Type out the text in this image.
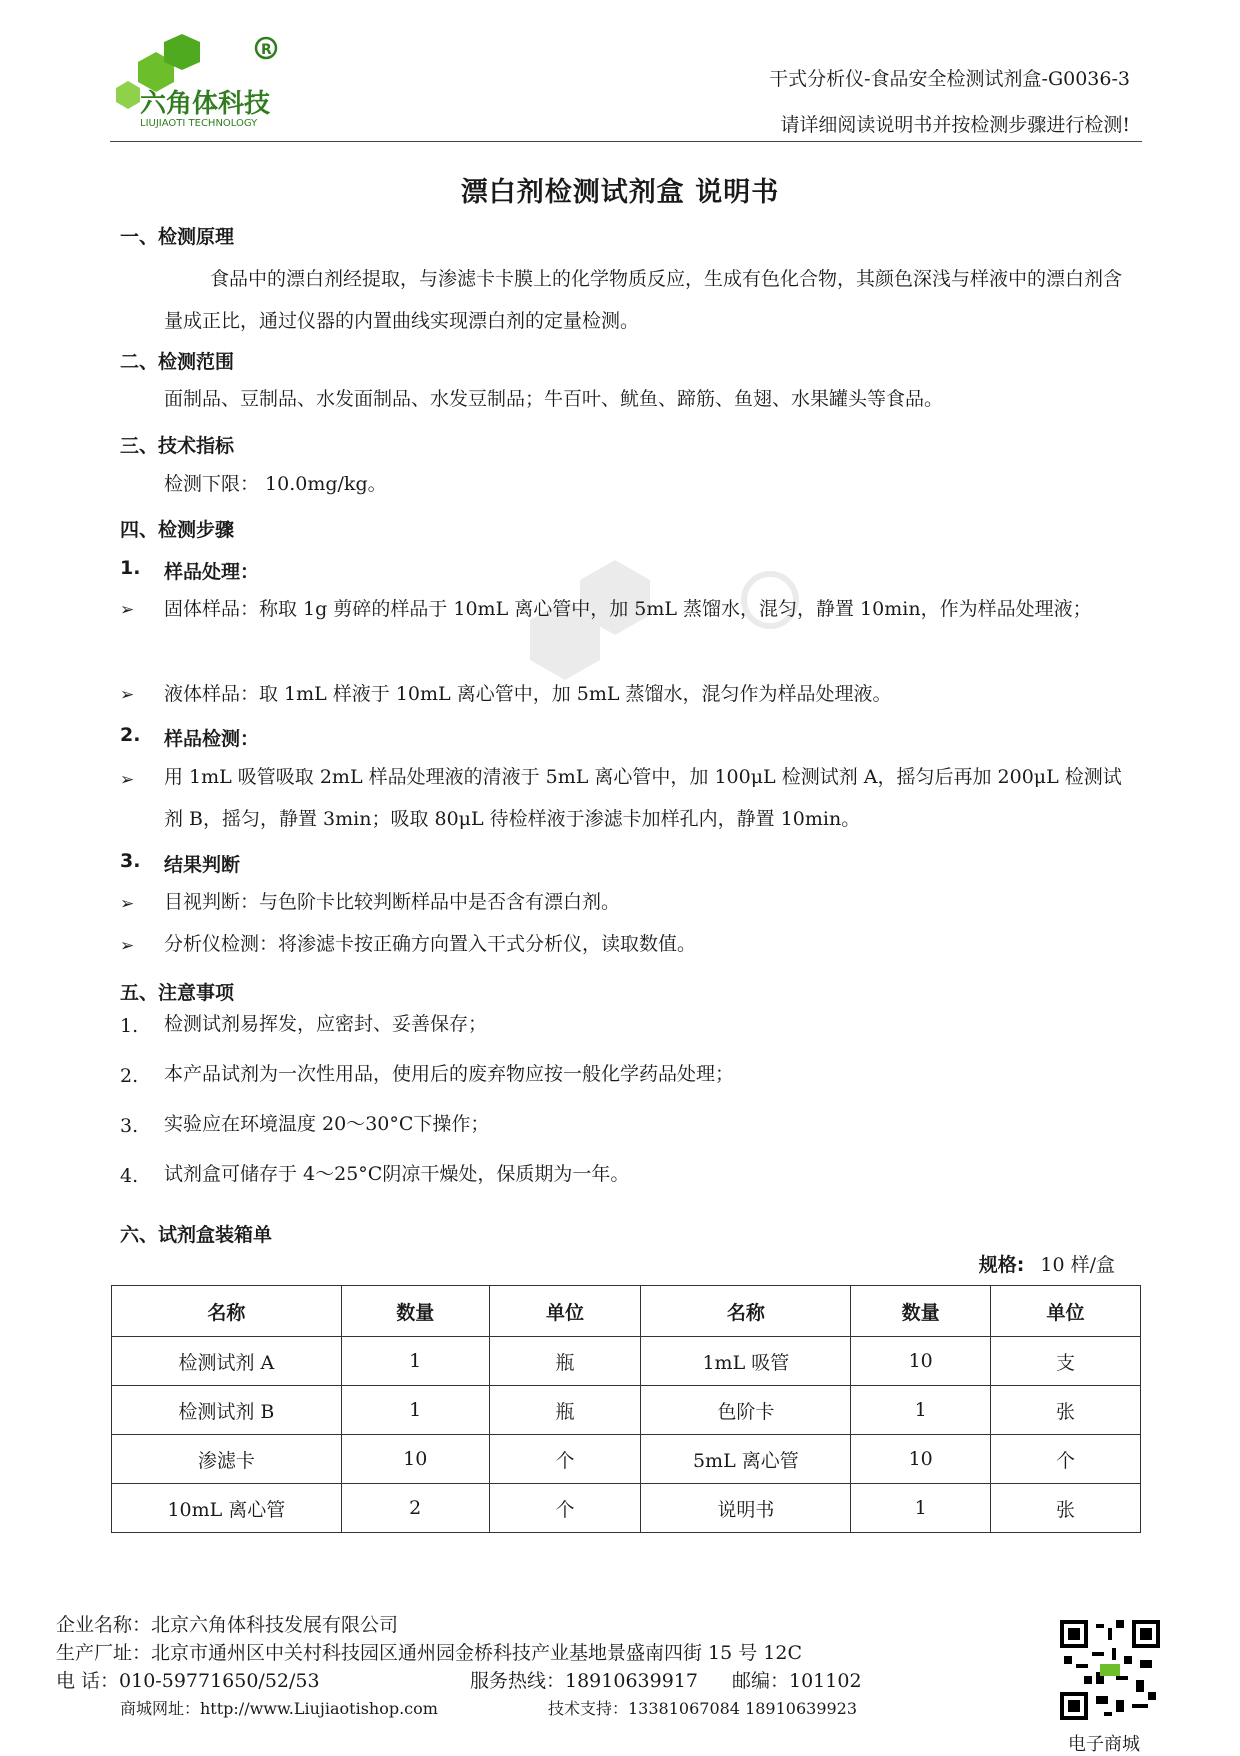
R
六角体科技
LIUJIAOTI TECHNOLOGY
干式分析仪-食品安全检测试剂盒-G0036-3
请详细阅读说明书并按检测步骤进行检测!
漂白剂检测试剂盒 说明书
一、检测原理
食品中的漂白剂经提取，与渗滤卡卡膜上的化学物质反应，生成有色化合物，其颜色深浅与样液中的漂白剂含量成正比，通过仪器的内置曲线实现漂白剂的定量检测。
二、检测范围
面制品、豆制品、水发面制品、水发豆制品；牛百叶、鱿鱼、蹄筋、鱼翅、水果罐头等食品。
三、技术指标
检测下限： 10.0mg/kg。
四、检测步骤
1. 样品处理：
➢ 固体样品：称取 1g 剪碎的样品于 10mL 离心管中，加 5mL 蒸馏水，混匀，静置 10min，作为样品处理液；
➢ 液体样品：取 1mL 样液于 10mL 离心管中，加 5mL 蒸馏水，混匀作为样品处理液。
2. 样品检测：
➢ 用 1mL 吸管吸取 2mL 样品处理液的清液于 5mL 离心管中，加 100μL 检测试剂 A，摇匀后再加 200μL 检测试剂 B，摇匀，静置 3min；吸取 80μL 待检样液于渗滤卡加样孔内，静置 10min。
3. 结果判断
➢ 目视判断：与色阶卡比较判断样品中是否含有漂白剂。
➢ 分析仪检测：将渗滤卡按正确方向置入干式分析仪，读取数值。
五、注意事项
1. 检测试剂易挥发，应密封、妥善保存；
2. 本产品试剂为一次性用品，使用后的废弃物应按一般化学药品处理；
3. 实验应在环境温度 20～30°C下操作；
4. 试剂盒可储存于 4～25°C阴凉干燥处，保质期为一年。
六、试剂盒装箱单
规格: 10 样/盒
名称	数量	单位	名称	数量	单位
检测试剂 A	1	瓶	1mL 吸管	10	支
检测试剂 B	1	瓶	色阶卡	1	张
渗滤卡	10	个	5mL 离心管	10	个
10mL 离心管	2	个	说明书	1	张
企业名称：北京六角体科技发展有限公司
生产厂址：北京市通州区中关村科技园区通州园金桥科技产业基地景盛南四街 15 号 12C
电 话：010-59771650/52/53	服务热线：18910639917 邮编：101102
商城网址：http://www.Liujiaotishop.com	技术支持：13381067084 18910639923
电子商城
